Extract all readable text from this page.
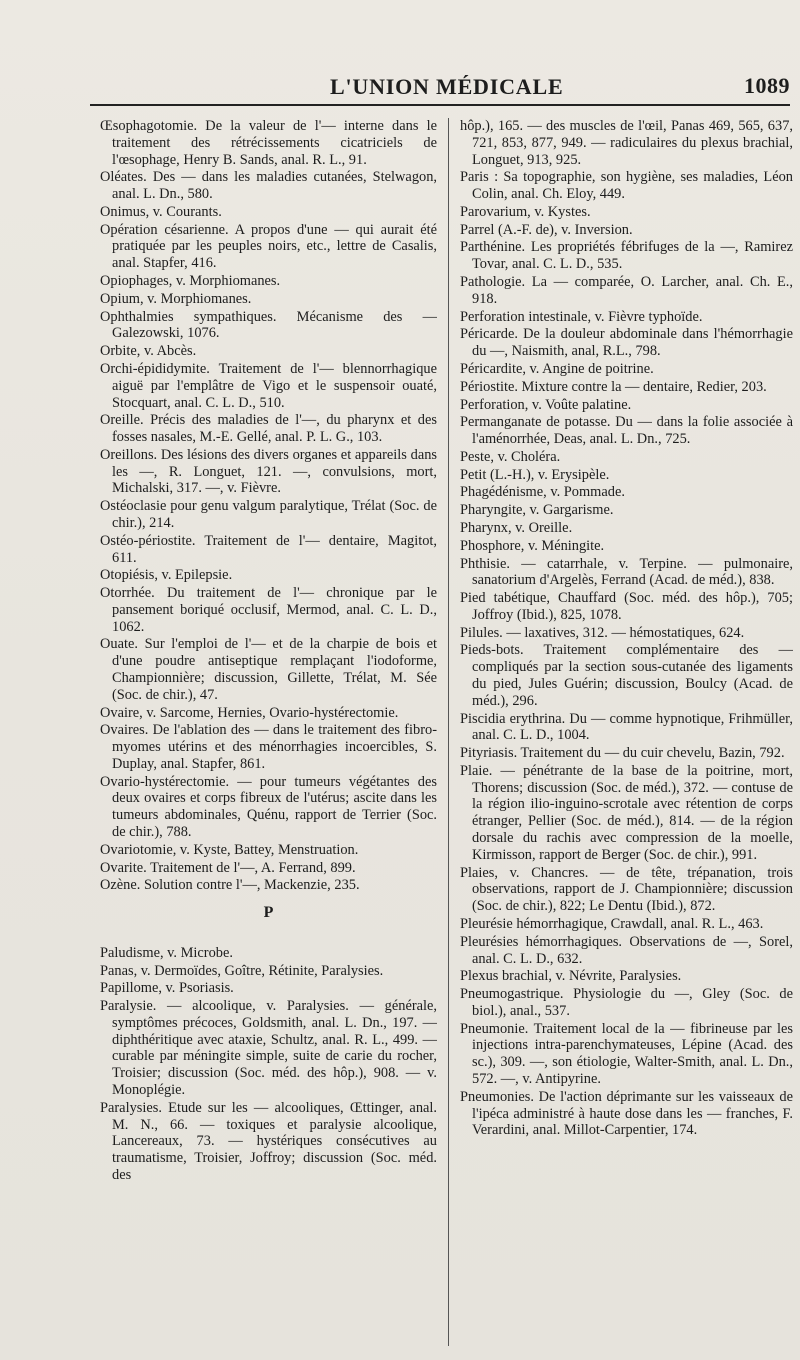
L'UNION MÉDICALE	1089
Œsophagotomie. De la valeur de l'— interne dans le traitement des rétrécissements cicatriciels de l'œsophage, Henry B. Sands, anal. R. L., 91.
Oléates. Des — dans les maladies cutanées, Stelwagon, anal. L. Dn., 580.
Onimus, v. Courants.
Opération césarienne. A propos d'une — qui aurait été pratiquée par les peuples noirs, etc., lettre de Casalis, anal. Stapfer, 416.
Opiophages, v. Morphiomanes.
Opium, v. Morphiomanes.
Ophthalmies sympathiques. Mécanisme des — Galezowski, 1076.
Orbite, v. Abcès.
Orchi-épididymite. Traitement de l'— blennorrhagique aiguë par l'emplâtre de Vigo et le suspensoir ouaté, Stocquart, anal. C. L. D., 510.
Oreille. Précis des maladies de l'—, du pharynx et des fosses nasales, M.-E. Gellé, anal. P. L. G., 103.
Oreillons. Des lésions des divers organes et appareils dans les —, R. Longuet, 121. —, convulsions, mort, Michalski, 317. —, v. Fièvre.
Ostéoclasie pour genu valgum paralytique, Trélat (Soc. de chir.), 214.
Ostéo-périostite. Traitement de l'— dentaire, Magitot, 611.
Otopiésis, v. Epilepsie.
Otorrhée. Du traitement de l'— chronique par le pansement boriqué occlusif, Mermod, anal. C. L. D., 1062.
Ouate. Sur l'emploi de l'— et de la charpie de bois et d'une poudre antiseptique remplaçant l'iodoforme, Championnière; discussion, Gillette, Trélat, M. Sée (Soc. de chir.), 47.
Ovaire, v. Sarcome, Hernies, Ovario-hystérectomie.
Ovaires. De l'ablation des — dans le traitement des fibro-myomes utérins et des ménorrhagies incoercibles, S. Duplay, anal. Stapfer, 861.
Ovario-hystérectomie. — pour tumeurs végétantes des deux ovaires et corps fibreux de l'utérus; ascite dans les tumeurs abdominales, Quénu, rapport de Terrier (Soc. de chir.), 788.
Ovariotomie, v. Kyste, Battey, Menstruation.
Ovarite. Traitement de l'—, A. Ferrand, 899.
Ozène. Solution contre l'—, Mackenzie, 235.
P
Paludisme, v. Microbe.
Panas, v. Dermoïdes, Goître, Rétinite, Paralysies.
Papillome, v. Psoriasis.
Paralysie. — alcoolique, v. Paralysies. — générale, symptômes précoces, Goldsmith, anal. L. Dn., 197. — diphthéritique avec ataxie, Schultz, anal. R. L., 499. — curable par méningite simple, suite de carie du rocher, Troisier; discussion (Soc. méd. des hôp.), 908. — v. Monoplégie.
Paralysies. Etude sur les — alcooliques, Œttinger, anal. M. N., 66. — toxiques et paralysie alcoolique, Lancereaux, 73. — hystériques consécutives au traumatisme, Troisier, Joffroy; discussion (Soc. méd. des
hôp.), 165. — des muscles de l'œil, Panas 469, 565, 637, 721, 853, 877, 949. — radiculaires du plexus brachial, Longuet, 913, 925.
Paris : Sa topographie, son hygiène, ses maladies, Léon Colin, anal. Ch. Eloy, 449.
Parovarium, v. Kystes.
Parrel (A.-F. de), v. Inversion.
Parthénine. Les propriétés fébrifuges de la —, Ramirez Tovar, anal. C. L. D., 535.
Pathologie. La — comparée, O. Larcher, anal. Ch. E., 918.
Perforation intestinale, v. Fièvre typhoïde.
Péricarde. De la douleur abdominale dans l'hémorrhagie du —, Naismith, anal, R.L., 798.
Péricardite, v. Angine de poitrine.
Périostite. Mixture contre la — dentaire, Redier, 203.
Perforation, v. Voûte palatine.
Permanganate de potasse. Du — dans la folie associée à l'aménorrhée, Deas, anal. L. Dn., 725.
Peste, v. Choléra.
Petit (L.-H.), v. Erysipèle.
Phagédénisme, v. Pommade.
Pharyngite, v. Gargarisme.
Pharynx, v. Oreille.
Phosphore, v. Méningite.
Phthisie. — catarrhale, v. Terpine. — pulmonaire, sanatorium d'Argelès, Ferrand (Acad. de méd.), 838.
Pied tabétique, Chauffard (Soc. méd. des hôp.), 705; Joffroy (Ibid.), 825, 1078.
Pilules. — laxatives, 312. — hémostatiques, 624.
Pieds-bots. Traitement complémentaire des — compliqués par la section sous-cutanée des ligaments du pied, Jules Guérin; discussion, Boulcy (Acad. de méd.), 296.
Piscidia erythrina. Du — comme hypnotique, Frihmüller, anal. C. L. D., 1004.
Pityriasis. Traitement du — du cuir chevelu, Bazin, 792.
Plaie. — pénétrante de la base de la poitrine, mort, Thorens; discussion (Soc. de méd.), 372. — contuse de la région ilio-inguino-scrotale avec rétention de corps étranger, Pellier (Soc. de méd.), 814. — de la région dorsale du rachis avec compression de la moelle, Kirmisson, rapport de Berger (Soc. de chir.), 991.
Plaies, v. Chancres. — de tête, trépanation, trois observations, rapport de J. Championnière; discussion (Soc. de chir.), 822; Le Dentu (Ibid.), 872.
Pleurésie hémorrhagique, Crawdall, anal. R. L., 463.
Pleurésies hémorrhagiques. Observations de —, Sorel, anal. C. L. D., 632.
Plexus brachial, v. Névrite, Paralysies.
Pneumogastrique. Physiologie du —, Gley (Soc. de biol.), anal., 537.
Pneumonie. Traitement local de la — fibrineuse par les injections intra-parenchymateuses, Lépine (Acad. des sc.), 309. —, son étiologie, Walter-Smith, anal. L. Dn., 572. —, v. Antipyrine.
Pneumonies. De l'action déprimante sur les vaisseaux de l'ipéca administré à haute dose dans les — franches, F. Verardini, anal. Millot-Carpentier, 174.
